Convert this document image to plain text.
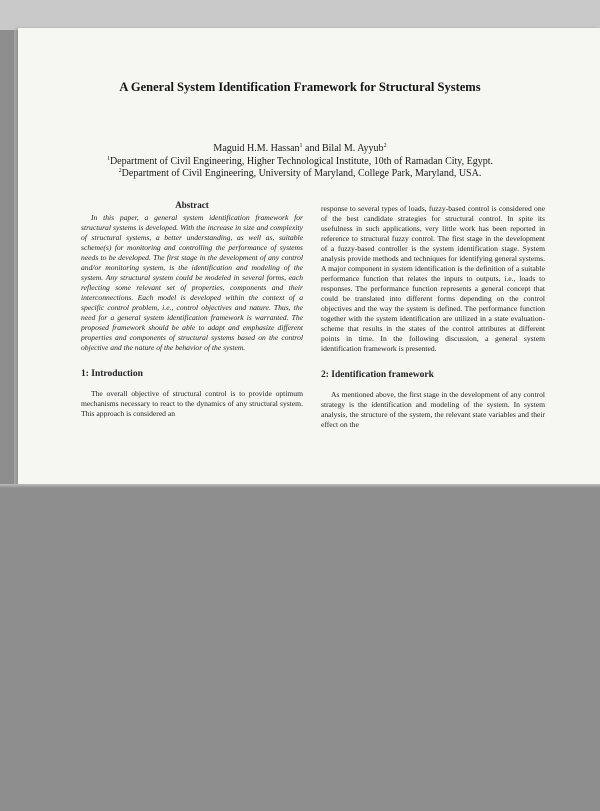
A General System Identification Framework for Structural Systems
Maguid H.M. Hassan$^1$ and Bilal M. Ayyub$^2$
$^1$Department of Civil Engineering, Higher Technological Institute, 10th of Ramadan City, Egypt.
$^2$Department of Civil Engineering, University of Maryland, College Park, Maryland, USA.
Abstract

In this paper, a general system identification framework for structural systems is developed. With the increase in size and complexity of structural systems, a better understanding, as well as, suitable scheme(s) for monitoring and controlling the performance of systems needs to be developed. The first stage in the development of any control and/or monitoring system, is the identification and modeling of the system. Any structural system could be modeled in several forms, each reflecting some relevant set of properties, components and their interconnections. Each model is developed within the context of a specific control problem, i.e., control objectives and nature. Thus, the need for a general system identification framework is warranted. The proposed framework should be able to adapt and emphasize different properties and components of structural systems based on the control objective and the nature of the behavior of the system.

1: Introduction

The overall objective of structural control is to provide optimum mechanisms necessary to react to the dynamics of any structural system. This approach is considered an

response to several types of loads, fuzzy-based control is considered one of the best candidate strategies for structural control. In spite its usefulness in such applications, very little work has been reported in reference to structural fuzzy control. The first stage in the development of a fuzzy-based controller is the system identification stage. System analysis provide methods and techniques for identifying general systems. A major component in system identification is the definition of a suitable performance function that relates the inputs to outputs, i.e., loads to responses. The performance function represents a general concept that could be translated into different forms depending on the control objectives and the way the system is defined. The performance function together with the system identification are utilized in a state evaluation-scheme that results in the states of the control attributes at different points in time. In the following discussion, a general system identification framework is presented.

2: Identification framework

As mentioned above, the first stage in the development of any control strategy is the identification and modeling of the system. In system analysis, the structure of the system, the relevant state variables and their effect on the
